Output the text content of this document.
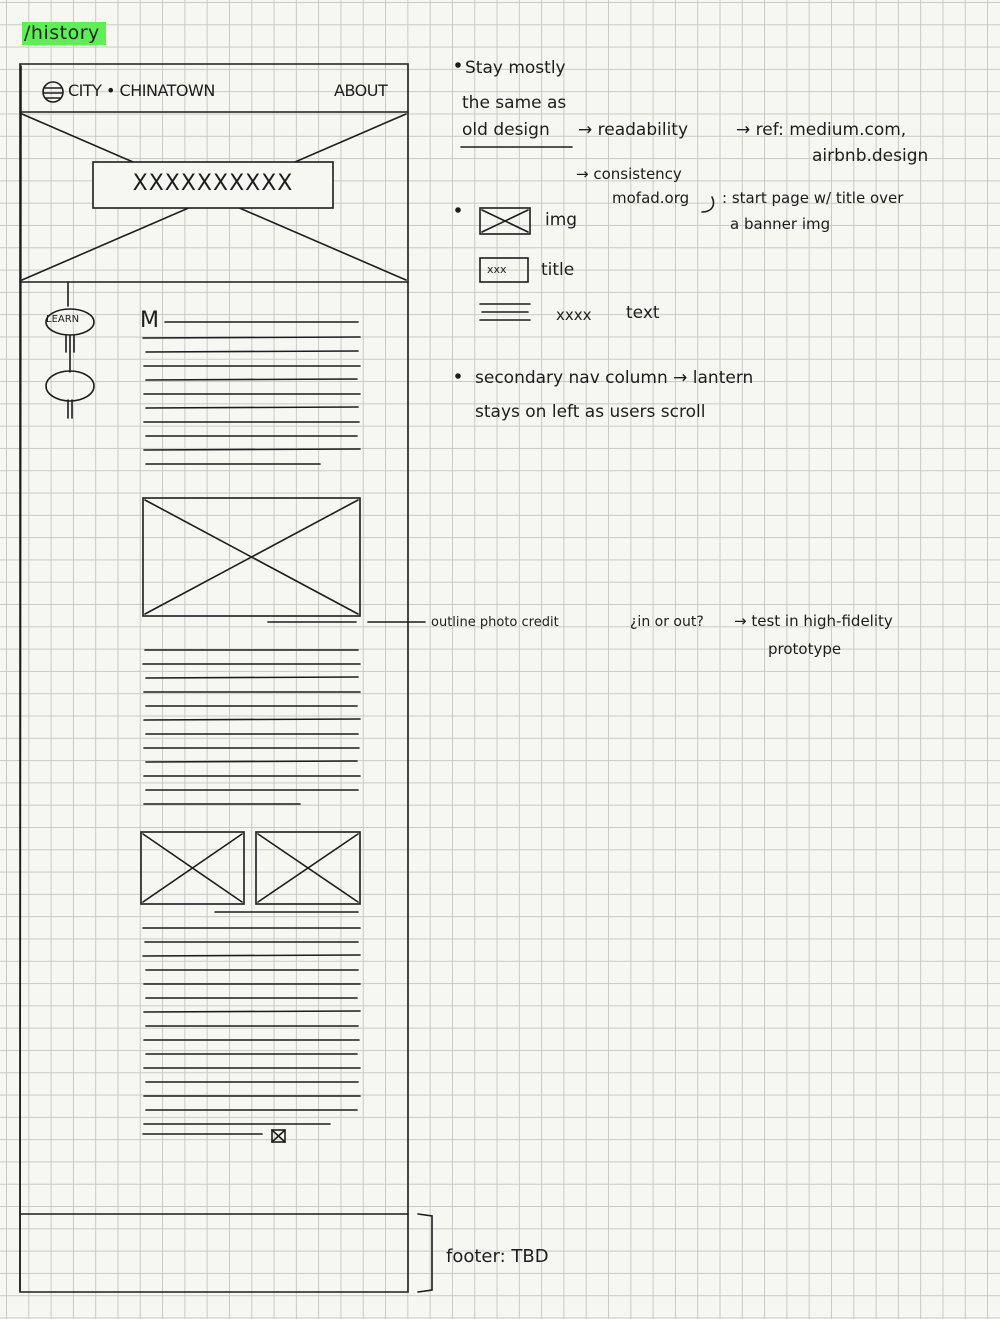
/history
CITY • CHINATOWN	ABOUT
XXXXXXXXXX
LEARN	M
Stay mostly
the same as
old design → readability	→ ref: medium.com,
airbnb.design
→ consistency
mofad.org : start page w/ title over
a banner img
img
xxx title
xxxx text
secondary nav column → lantern
stays on left as users scroll
outline photo credit	¿in or out? → test in high-fidelity
prototype
footer: TBD
